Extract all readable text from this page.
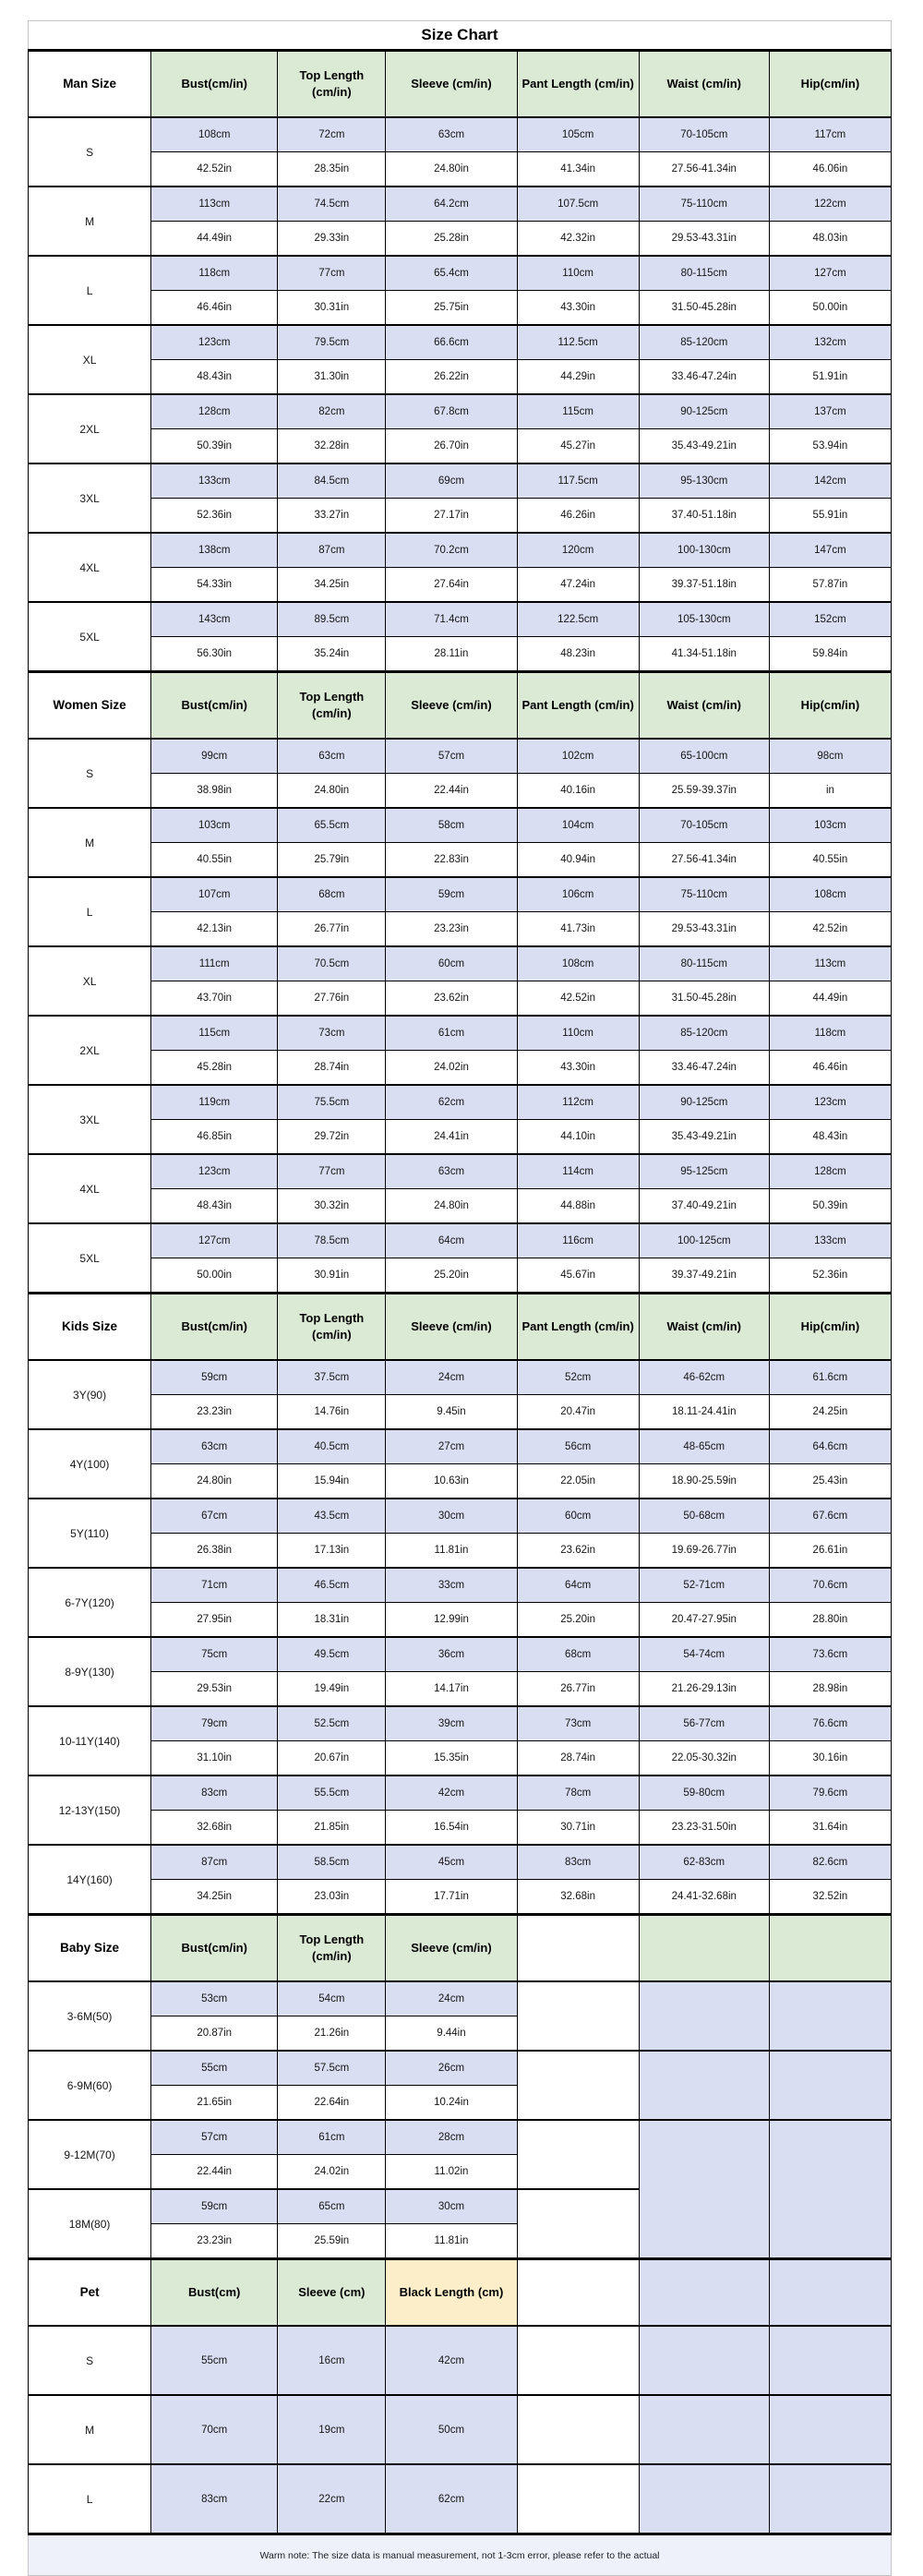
Size Chart
Man Size	Bust(cm/in)	Top Length (cm/in)	Sleeve (cm/in)	Pant Length (cm/in)	Waist (cm/in)	Hip(cm/in)
S	108cm	72cm	63cm	105cm	70-105cm	117cm
	42.52in	28.35in	24.80in	41.34in	27.56-41.34in	46.06in
M	113cm	74.5cm	64.2cm	107.5cm	75-110cm	122cm
	44.49in	29.33in	25.28in	42.32in	29.53-43.31in	48.03in
L	118cm	77cm	65.4cm	110cm	80-115cm	127cm
	46.46in	30.31in	25.75in	43.30in	31.50-45.28in	50.00in
XL	123cm	79.5cm	66.6cm	112.5cm	85-120cm	132cm
	48.43in	31.30in	26.22in	44.29in	33.46-47.24in	51.91in
2XL	128cm	82cm	67.8cm	115cm	90-125cm	137cm
	50.39in	32.28in	26.70in	45.27in	35.43-49.21in	53.94in
3XL	133cm	84.5cm	69cm	117.5cm	95-130cm	142cm
	52.36in	33.27in	27.17in	46.26in	37.40-51.18in	55.91in
4XL	138cm	87cm	70.2cm	120cm	100-130cm	147cm
	54.33in	34.25in	27.64in	47.24in	39.37-51.18in	57.87in
5XL	143cm	89.5cm	71.4cm	122.5cm	105-130cm	152cm
	56.30in	35.24in	28.11in	48.23in	41.34-51.18in	59.84in
Women Size	Bust(cm/in)	Top Length (cm/in)	Sleeve (cm/in)	Pant Length (cm/in)	Waist (cm/in)	Hip(cm/in)
S	99cm	63cm	57cm	102cm	65-100cm	98cm
	38.98in	24.80in	22.44in	40.16in	25.59-39.37in	in
M	103cm	65.5cm	58cm	104cm	70-105cm	103cm
	40.55in	25.79in	22.83in	40.94in	27.56-41.34in	40.55in
L	107cm	68cm	59cm	106cm	75-110cm	108cm
	42.13in	26.77in	23.23in	41.73in	29.53-43.31in	42.52in
XL	111cm	70.5cm	60cm	108cm	80-115cm	113cm
	43.70in	27.76in	23.62in	42.52in	31.50-45.28in	44.49in
2XL	115cm	73cm	61cm	110cm	85-120cm	118cm
	45.28in	28.74in	24.02in	43.30in	33.46-47.24in	46.46in
3XL	119cm	75.5cm	62cm	112cm	90-125cm	123cm
	46.85in	29.72in	24.41in	44.10in	35.43-49.21in	48.43in
4XL	123cm	77cm	63cm	114cm	95-125cm	128cm
	48.43in	30.32in	24.80in	44.88in	37.40-49.21in	50.39in
5XL	127cm	78.5cm	64cm	116cm	100-125cm	133cm
	50.00in	30.91in	25.20in	45.67in	39.37-49.21in	52.36in
Kids Size	Bust(cm/in)	Top Length (cm/in)	Sleeve (cm/in)	Pant Length (cm/in)	Waist (cm/in)	Hip(cm/in)
3Y(90)	59cm	37.5cm	24cm	52cm	46-62cm	61.6cm
	23.23in	14.76in	9.45in	20.47in	18.11-24.41in	24.25in
4Y(100)	63cm	40.5cm	27cm	56cm	48-65cm	64.6cm
	24.80in	15.94in	10.63in	22.05in	18.90-25.59in	25.43in
5Y(110)	67cm	43.5cm	30cm	60cm	50-68cm	67.6cm
	26.38in	17.13in	11.81in	23.62in	19.69-26.77in	26.61in
6-7Y(120)	71cm	46.5cm	33cm	64cm	52-71cm	70.6cm
	27.95in	18.31in	12.99in	25.20in	20.47-27.95in	28.80in
8-9Y(130)	75cm	49.5cm	36cm	68cm	54-74cm	73.6cm
	29.53in	19.49in	14.17in	26.77in	21.26-29.13in	28.98in
10-11Y(140)	79cm	52.5cm	39cm	73cm	56-77cm	76.6cm
	31.10in	20.67in	15.35in	28.74in	22.05-30.32in	30.16in
12-13Y(150)	83cm	55.5cm	42cm	78cm	59-80cm	79.6cm
	32.68in	21.85in	16.54in	30.71in	23.23-31.50in	31.64in
14Y(160)	87cm	58.5cm	45cm	83cm	62-83cm	82.6cm
	34.25in	23.03in	17.71in	32.68in	24.41-32.68in	32.52in
Baby Size	Bust(cm/in)	Top Length (cm/in)	Sleeve (cm/in)			
3-6M(50)	53cm	54cm	24cm			
	20.87in	21.26in	9.44in			
6-9M(60)	55cm	57.5cm	26cm			
	21.65in	22.64in	10.24in			
9-12M(70)	57cm	61cm	28cm			
	22.44in	24.02in	11.02in			
18M(80)	59cm	65cm	30cm			
	23.23in	25.59in	11.81in			
Pet	Bust(cm)	Sleeve (cm)	Black Length (cm)			
S	55cm	16cm	42cm			
M	70cm	19cm	50cm			
L	83cm	22cm	62cm			
Warm note: The size data is manual measurement, not 1-3cm error, please refer to the actual						
